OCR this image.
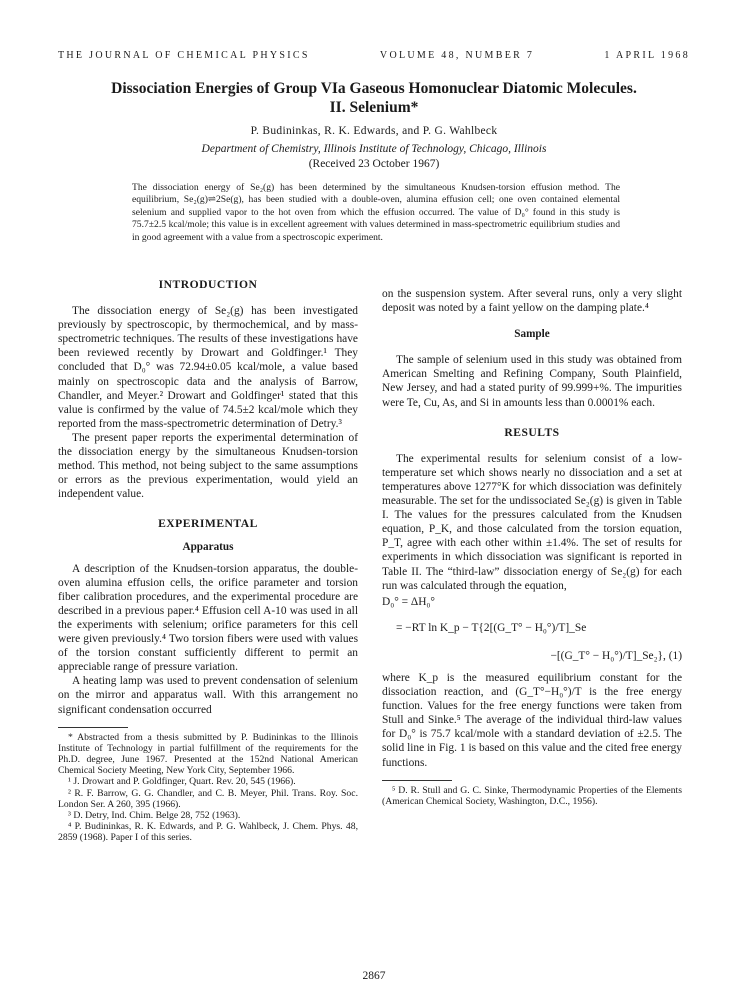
THE JOURNAL OF CHEMICAL PHYSICS	VOLUME 48, NUMBER 7	1 APRIL 1968
Dissociation Energies of Group VIa Gaseous Homonuclear Diatomic Molecules.
II. Selenium*
P. Budininkas, R. K. Edwards, and P. G. Wahlbeck
Department of Chemistry, Illinois Institute of Technology, Chicago, Illinois
(Received 23 October 1967)

The dissociation energy of Se₂(g) has been determined by the simultaneous Knudsen-torsion effusion method. The equilibrium, Se₂(g)⇌2Se(g), has been studied with a double-oven, alumina effusion cell; one oven contained elemental selenium and supplied vapor to the hot oven from which the effusion occurred. The value of D₀° found in this study is 75.7±2.5 kcal/mole; this value is in excellent agreement with values determined in mass-spectrometric equilibrium studies and in good agreement with a value from a spectroscopic experiment.

INTRODUCTION

The dissociation energy of Se₂(g) has been investigated previously by spectroscopic, by thermochemical, and by mass-spectrometric techniques. The results of these investigations have been reviewed recently by Drowart and Goldfinger.¹ They concluded that D₀° was 72.94±0.05 kcal/mole, a value based mainly on spectroscopic data and the analysis of Barrow, Chandler, and Meyer.² Drowart and Goldfinger¹ stated that this value is confirmed by the value of 74.5±2 kcal/mole which they reported from the mass-spectrometric determination of Detry.³

The present paper reports the experimental determination of the dissociation energy by the simultaneous Knudsen-torsion method. This method, not being subject to the same assumptions or errors as the previous experimentation, would yield an independent value.

EXPERIMENTAL
Apparatus

A description of the Knudsen-torsion apparatus, the double-oven alumina effusion cells, the orifice parameter and torsion fiber calibration procedures, and the experimental procedure are described in a previous paper.⁴ Effusion cell A-10 was used in all the experiments with selenium; orifice parameters for this cell were given previously.⁴ Two torsion fibers were used with values of the torsion constant sufficiently different to permit an appreciable range of pressure variation.

A heating lamp was used to prevent condensation of selenium on the mirror and apparatus wall. With this arrangement no significant condensation occurred

* Abstracted from a thesis submitted by P. Budininkas to the Illinois Institute of Technology in partial fulfillment of the requirements for the Ph.D. degree, June 1967. Presented at the 152nd National American Chemical Society Meeting, New York City, September 1966.

¹ J. Drowart and P. Goldfinger, Quart. Rev. 20, 545 (1966).

² R. F. Barrow, G. G. Chandler, and C. B. Meyer, Phil. Trans. Roy. Soc. London Ser. A 260, 395 (1966).

³ D. Detry, Ind. Chim. Belge 28, 752 (1963).

⁴ P. Budininkas, R. K. Edwards, and P. G. Wahlbeck, J. Chem. Phys. 48, 2859 (1968). Paper I of this series.

on the suspension system. After several runs, only a very slight deposit was noted by a faint yellow on the damping plate.⁴

Sample

The sample of selenium used in this study was obtained from American Smelting and Refining Company, South Plainfield, New Jersey, and had a stated purity of 99.999+%. The impurities were Te, Cu, As, and Si in amounts less than 0.0001% each.

RESULTS

The experimental results for selenium consist of a low-temperature set which shows nearly no dissociation and a set at temperatures above 1277°K for which dissociation was definitely measurable. The set for the undissociated Se₂(g) is given in Table I. The values for the pressures calculated from the Knudsen equation, P_K, and those calculated from the torsion equation, P_T, agree with each other within ±1.4%. The set of results for experiments in which dissociation was significant is reported in Table II. The “third-law” dissociation energy of Se₂(g) for each run was calculated through the equation,

D₀° = ΔH₀°
= −RT ln K_p − T{2[(G_T° − H₀°)/T]_Se
−[(G_T° − H₀°)/T]_Se₂}, (1)

where K_p is the measured equilibrium constant for the dissociation reaction, and (G_T°−H₀°)/T is the free energy function. Values for the free energy functions were taken from Stull and Sinke.⁵ The average of the individual third-law values for D₀° is 75.7 kcal/mole with a standard deviation of ±2.5. The solid line in Fig. 1 is based on this value and the cited free energy functions.

⁵ D. R. Stull and G. C. Sinke, Thermodynamic Properties of the Elements (American Chemical Society, Washington, D.C., 1956).

2867
